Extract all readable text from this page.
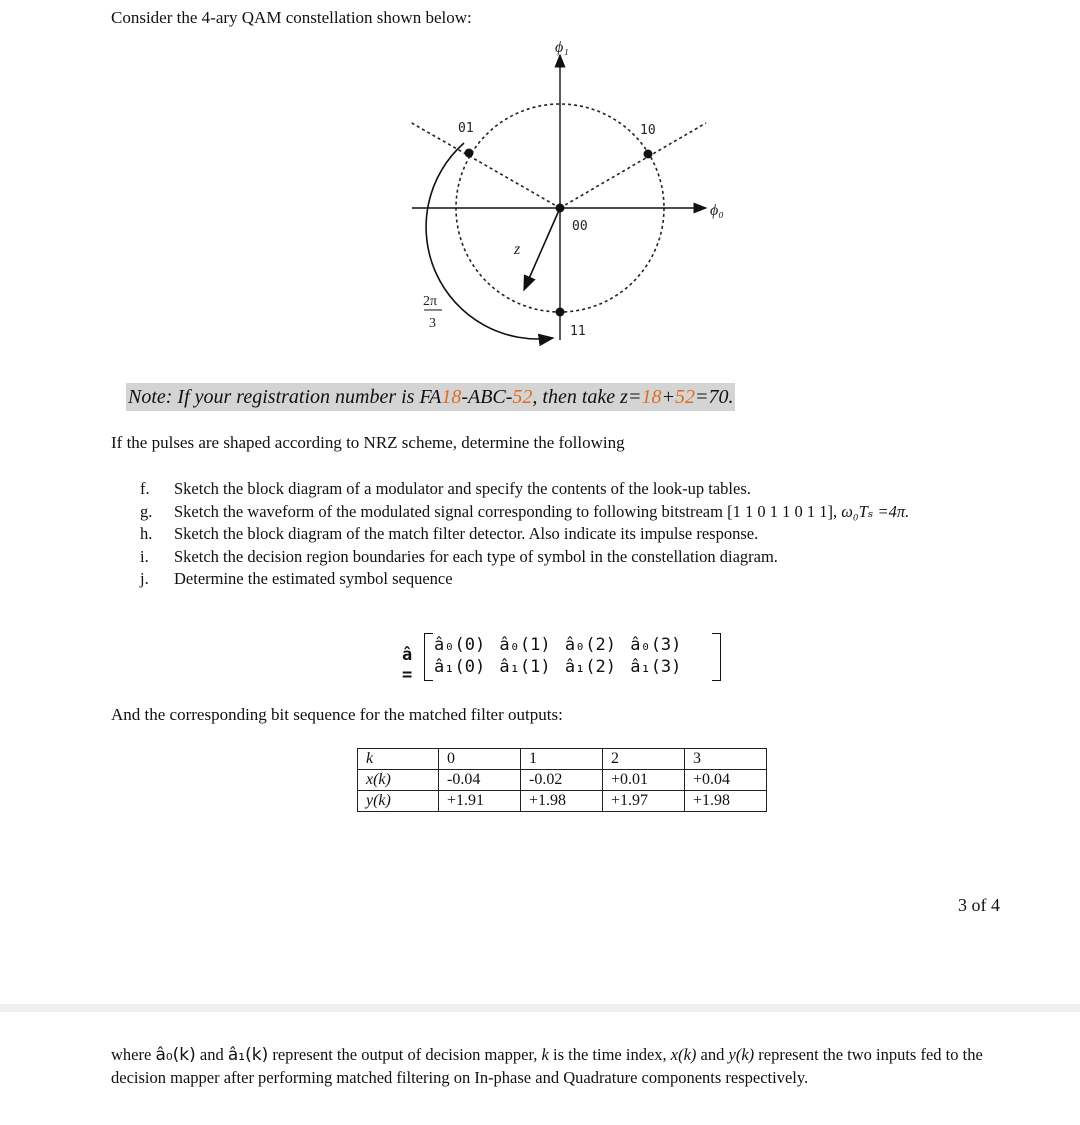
Consider the 4-ary QAM constellation shown below:
ϕ₁
ϕ₀
01	10
00
11
z
2π
3
Note: If your registration number is FA18-ABC-52, then take z=18+52=70.
If the pulses are shaped according to NRZ scheme, determine the following
f. Sketch the block diagram of a modulator and specify the contents of the look-up tables.
g. Sketch the waveform of the modulated signal corresponding to following bitstream [1 1 0 1 1 0 1 1], ω₀Tₛ =4π.
h. Sketch the block diagram of the match filter detector. Also indicate its impulse response.
i. Sketch the decision region boundaries for each type of symbol in the constellation diagram.
j. Determine the estimated symbol sequence
â =
â₀(0) â₀(1) â₀(2) â₀(3)
â₁(0) â₁(1) â₁(2) â₁(3)
And the corresponding bit sequence for the matched filter outputs:
k	0	1	2	3
x(k)	-0.04	-0.02	+0.01	+0.04
y(k)	+1.91	+1.98	+1.97	+1.98
3 of 4
where â₀(k) and â₁(k) represent the output of decision mapper, k is the time index, x(k) and y(k) represent the two inputs fed to the decision mapper after performing matched filtering on In-phase and Quadrature components respectively.
